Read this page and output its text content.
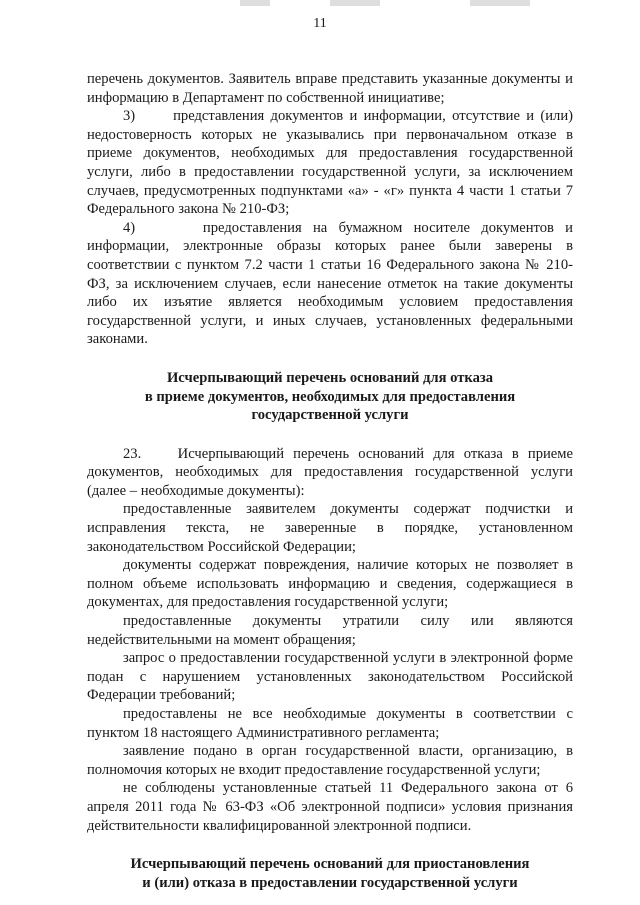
11

перечень документов. Заявитель вправе представить указанные документы и информацию в Департамент по собственной инициативе;

3)      представления документов и информации, отсутствие и (или) недостоверность которых не указывались при первоначальном отказе в приеме документов, необходимых для предоставления государственной услуги, либо в предоставлении государственной услуги, за исключением случаев, предусмотренных подпунктами «а» - «г» пункта 4 части 1 статьи 7 Федерального закона № 210-ФЗ;

4)      предоставления на бумажном носителе документов и информации, электронные образы которых ранее были заверены в соответствии с пунктом 7.2 части 1 статьи 16 Федерального закона № 210-ФЗ, за исключением случаев, если нанесение отметок на такие документы либо их изъятие является необходимым условием предоставления государственной услуги, и иных случаев, установленных федеральными законами.

Исчерпывающий перечень оснований для отказа

в приеме документов, необходимых для предоставления

государственной услуги

23.    Исчерпывающий перечень оснований для отказа в приеме документов, необходимых для предоставления государственной услуги (далее – необходимые документы):

предоставленные заявителем документы содержат подчистки и исправления текста, не заверенные в порядке, установленном законодательством Российской Федерации;

документы содержат повреждения, наличие которых не позволяет в полном объеме использовать информацию и сведения, содержащиеся в документах, для предоставления государственной услуги;

предоставленные документы утратили силу или являются недействительными на момент обращения;

запрос о предоставлении государственной услуги в электронной форме подан с нарушением установленных законодательством Российской Федерации требований;

предоставлены не все необходимые документы в соответствии с пунктом 18 настоящего Административного регламента;

заявление подано в орган государственной власти, организацию, в полномочия которых не входит предоставление государственной услуги;

не соблюдены установленные статьей 11 Федерального закона от 6 апреля 2011 года № 63-ФЗ «Об электронной подписи» условия признания действительности квалифицированной электронной подписи.

Исчерпывающий перечень оснований для приостановления

и (или) отказа в предоставлении государственной услуги
